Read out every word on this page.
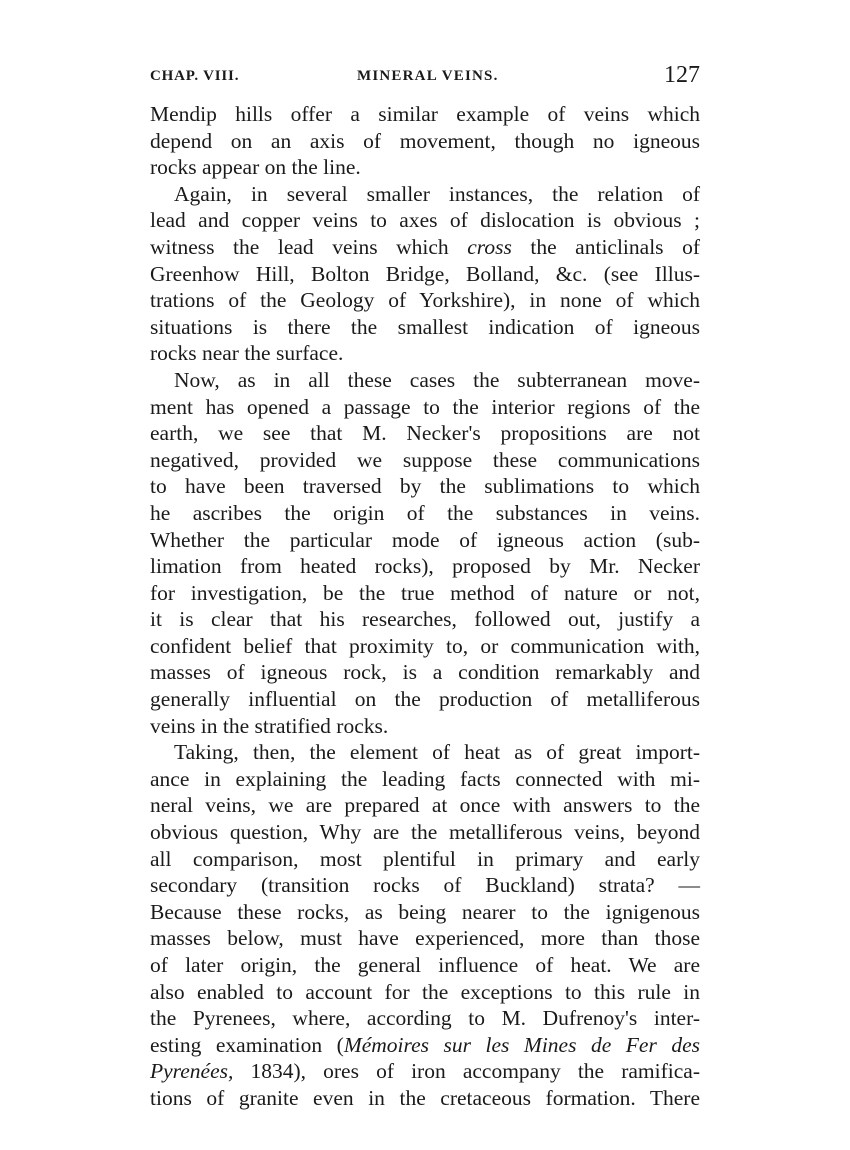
CHAP. VIII.	MINERAL VEINS.	127
Mendip hills offer a similar example of veins which
depend on an axis of movement, though no igneous
rocks appear on the line.
Again, in several smaller instances, the relation of
lead and copper veins to axes of dislocation is obvious ;
witness the lead veins which cross the anticlinals of
Greenhow Hill, Bolton Bridge, Bolland, &c. (see Illus-
trations of the Geology of Yorkshire), in none of which
situations is there the smallest indication of igneous
rocks near the surface.
Now, as in all these cases the subterranean move-
ment has opened a passage to the interior regions of the
earth, we see that M. Necker's propositions are not
negatived, provided we suppose these communications
to have been traversed by the sublimations to which
he ascribes the origin of the substances in veins.
Whether the particular mode of igneous action (sub-
limation from heated rocks), proposed by Mr. Necker
for investigation, be the true method of nature or not,
it is clear that his researches, followed out, justify a
confident belief that proximity to, or communication with,
masses of igneous rock, is a condition remarkably and
generally influential on the production of metalliferous
veins in the stratified rocks.
Taking, then, the element of heat as of great import-
ance in explaining the leading facts connected with mi-
neral veins, we are prepared at once with answers to the
obvious question, Why are the metalliferous veins, beyond
all comparison, most plentiful in primary and early
secondary (transition rocks of Buckland) strata? —
Because these rocks, as being nearer to the ignigenous
masses below, must have experienced, more than those
of later origin, the general influence of heat. We are
also enabled to account for the exceptions to this rule in
the Pyrenees, where, according to M. Dufrenoy's inter-
esting examination (Mémoires sur les Mines de Fer des
Pyrenées, 1834), ores of iron accompany the ramifica-
tions of granite even in the cretaceous formation. There
